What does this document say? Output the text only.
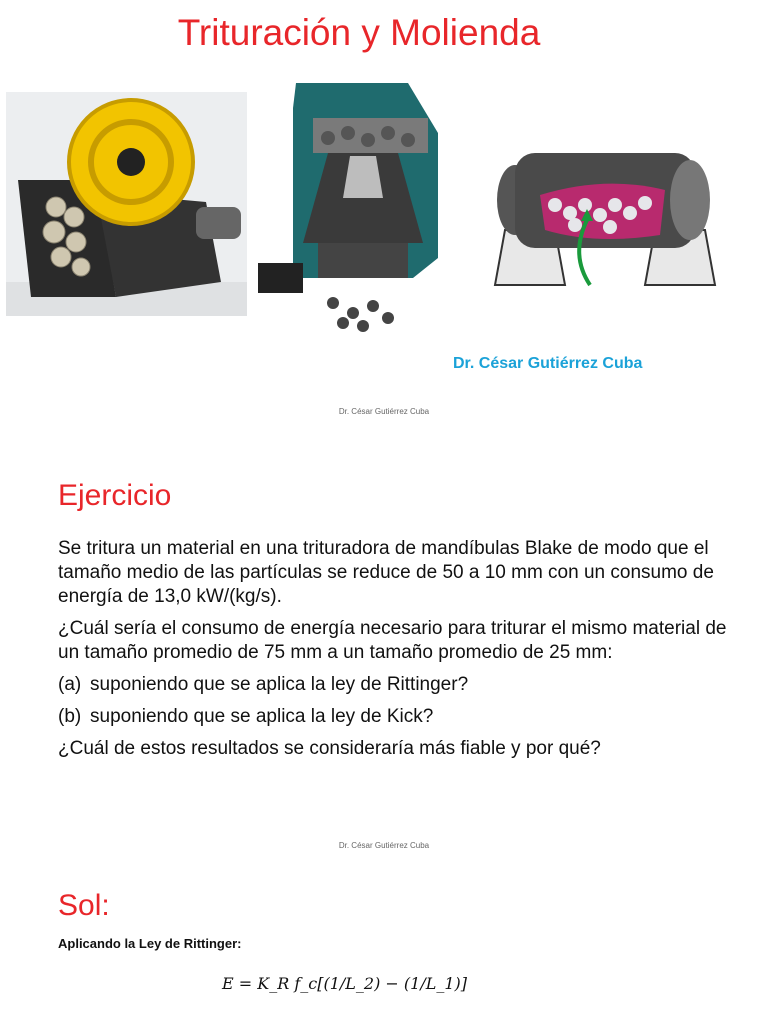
Trituración y Molienda
Dr. César Gutiérrez Cuba
Dr. César Gutiérrez Cuba
Ejercicio

Se tritura un material en una trituradora de mandíbulas Blake de modo que el tamaño medio de las partículas se reduce de 50 a 10 mm con un consumo de energía de 13,0 kW/(kg/s).

¿Cuál sería el consumo de energía necesario para triturar el mismo material de un tamaño promedio de 75 mm a un tamaño promedio de 25 mm:

(a) suponiendo que se aplica la ley de Rittinger?

(b) suponiendo que se aplica la ley de Kick?

¿Cuál de estos resultados se consideraría más fiable y por qué?

Dr. César Gutiérrez Cuba
Sol:
Aplicando la Ley de Rittinger:
E = K_R f_c[(1/L_2) − (1/L_1)]
